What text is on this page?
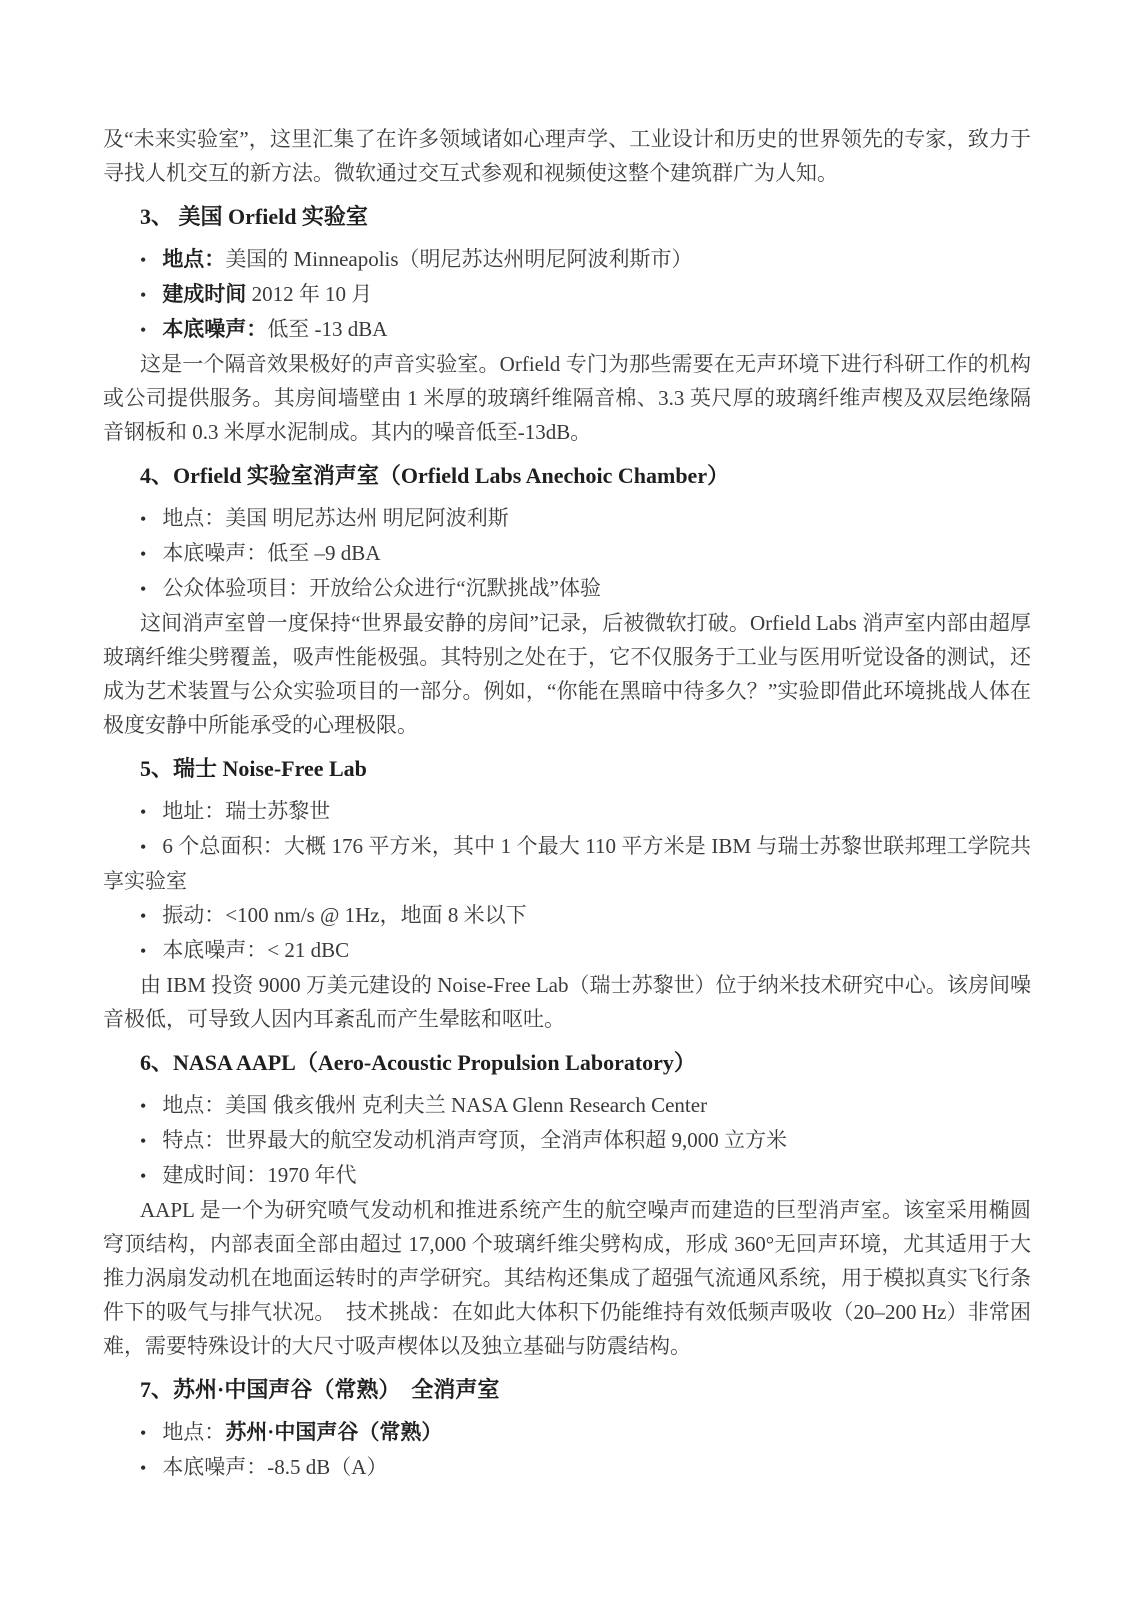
及“未来实验室”，这里汇集了在许多领域诸如心理声学、工业设计和历史的世界领先的专家，致力于寻找人机交互的新方法。微软通过交互式参观和视频使这整个建筑群广为人知。

3、 美国 Orfield 实验室

• 地点：美国的 Minneapolis（明尼苏达州明尼阿波利斯市）

• 建成时间 2012 年 10 月

• 本底噪声：低至 -13 dBA

这是一个隔音效果极好的声音实验室。Orfield 专门为那些需要在无声环境下进行科研工作的机构或公司提供服务。其房间墙壁由 1 米厚的玻璃纤维隔音棉、3.3 英尺厚的玻璃纤维声楔及双层绝缘隔音钢板和 0.3 米厚水泥制成。其内的噪音低至-13dB。

4、Orfield 实验室消声室（Orfield Labs Anechoic Chamber）

• 地点：美国 明尼苏达州 明尼阿波利斯

• 本底噪声：低至 –9 dBA

• 公众体验项目：开放给公众进行“沉默挑战”体验

这间消声室曾一度保持“世界最安静的房间”记录，后被微软打破。Orfield Labs 消声室内部由超厚玻璃纤维尖劈覆盖，吸声性能极强。其特别之处在于，它不仅服务于工业与医用听觉设备的测试，还成为艺术装置与公众实验项目的一部分。例如，“你能在黑暗中待多久？”实验即借此环境挑战人体在极度安静中所能承受的心理极限。

5、瑞士 Noise-Free Lab

• 地址：瑞士苏黎世

• 6 个总面积：大概 176 平方米，其中 1 个最大 110 平方米是 IBM 与瑞士苏黎世联邦理工学院共享实验室

• 振动：<100 nm/s @ 1Hz，地面 8 米以下

• 本底噪声：< 21 dBC

由 IBM 投资 9000 万美元建设的 Noise-Free Lab（瑞士苏黎世）位于纳米技术研究中心。该房间噪音极低，可导致人因内耳紊乱而产生晕眩和呕吐。

6、NASA AAPL（Aero-Acoustic Propulsion Laboratory）

• 地点：美国 俄亥俄州 克利夫兰 NASA Glenn Research Center

• 特点：世界最大的航空发动机消声穹顶，全消声体积超 9,000 立方米

• 建成时间：1970 年代

AAPL 是一个为研究喷气发动机和推进系统产生的航空噪声而建造的巨型消声室。该室采用椭圆穹顶结构，内部表面全部由超过 17,000 个玻璃纤维尖劈构成，形成 360°无回声环境，尤其适用于大推力涡扇发动机在地面运转时的声学研究。其结构还集成了超强气流通风系统，用于模拟真实飞行条件下的吸气与排气状况。　技术挑战：在如此大体积下仍能维持有效低频声吸收（20–200 Hz）非常困难，需要特殊设计的大尺寸吸声楔体以及独立基础与防震结构。

7、苏州·中国声谷（常熟）　全消声室

• 地点：苏州·中国声谷（常熟）

• 本底噪声：-8.5 dB（A）
